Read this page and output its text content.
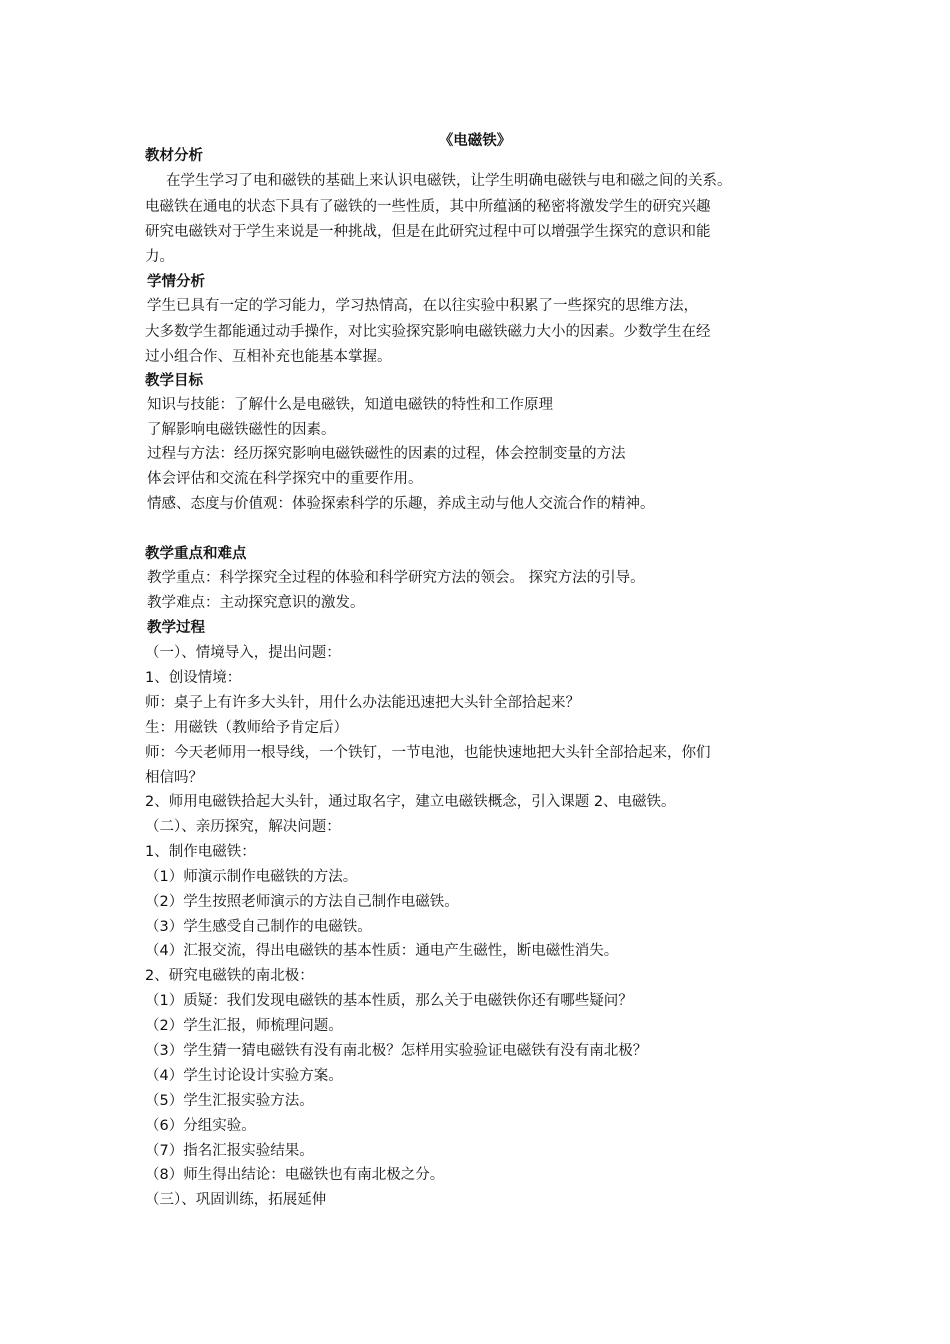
《电磁铁》
教材分析
在学生学习了电和磁铁的基础上来认识电磁铁，让学生明确电磁铁与电和磁之间的关系。
电磁铁在通电的状态下具有了磁铁的一些性质，其中所蕴涵的秘密将激发学生的研究兴趣
研究电磁铁对于学生来说是一种挑战，但是在此研究过程中可以增强学生探究的意识和能
力。
学情分析
学生已具有一定的学习能力，学习热情高，在以往实验中积累了一些探究的思维方法，
大多数学生都能通过动手操作，对比实验探究影响电磁铁磁力大小的因素。少数学生在经
过小组合作、互相补充也能基本掌握。
教学目标
知识与技能：了解什么是电磁铁，知道电磁铁的特性和工作原理
了解影响电磁铁磁性的因素。
过程与方法：经历探究影响电磁铁磁性的因素的过程，体会控制变量的方法
体会评估和交流在科学探究中的重要作用。
情感、态度与价值观：体验探索科学的乐趣，养成主动与他人交流合作的精神。
教学重点和难点
教学重点：科学探究全过程的体验和科学研究方法的领会。 探究方法的引导。
教学难点：主动探究意识的激发。
教学过程
（一）、情境导入，提出问题：
1、创设情境：
师：桌子上有许多大头针，用什么办法能迅速把大头针全部拾起来？
生：用磁铁（教师给予肯定后）
师：今天老师用一根导线，一个铁钉，一节电池，也能快速地把大头针全部拾起来，你们
相信吗？
2、师用电磁铁拾起大头针，通过取名字，建立电磁铁概念，引入课题 2、电磁铁。
（二）、亲历探究，解决问题：
1、制作电磁铁：
（1）师演示制作电磁铁的方法。
（2）学生按照老师演示的方法自己制作电磁铁。
（3）学生感受自己制作的电磁铁。
（4）汇报交流，得出电磁铁的基本性质：通电产生磁性，断电磁性消失。
2、研究电磁铁的南北极：
（1）质疑：我们发现电磁铁的基本性质，那么关于电磁铁你还有哪些疑问？
（2）学生汇报，师梳理问题。
（3）学生猜一猜电磁铁有没有南北极？怎样用实验验证电磁铁有没有南北极？
（4）学生讨论设计实验方案。
（5）学生汇报实验方法。
（6）分组实验。
（7）指名汇报实验结果。
（8）师生得出结论：电磁铁也有南北极之分。
（三）、巩固训练，拓展延伸
